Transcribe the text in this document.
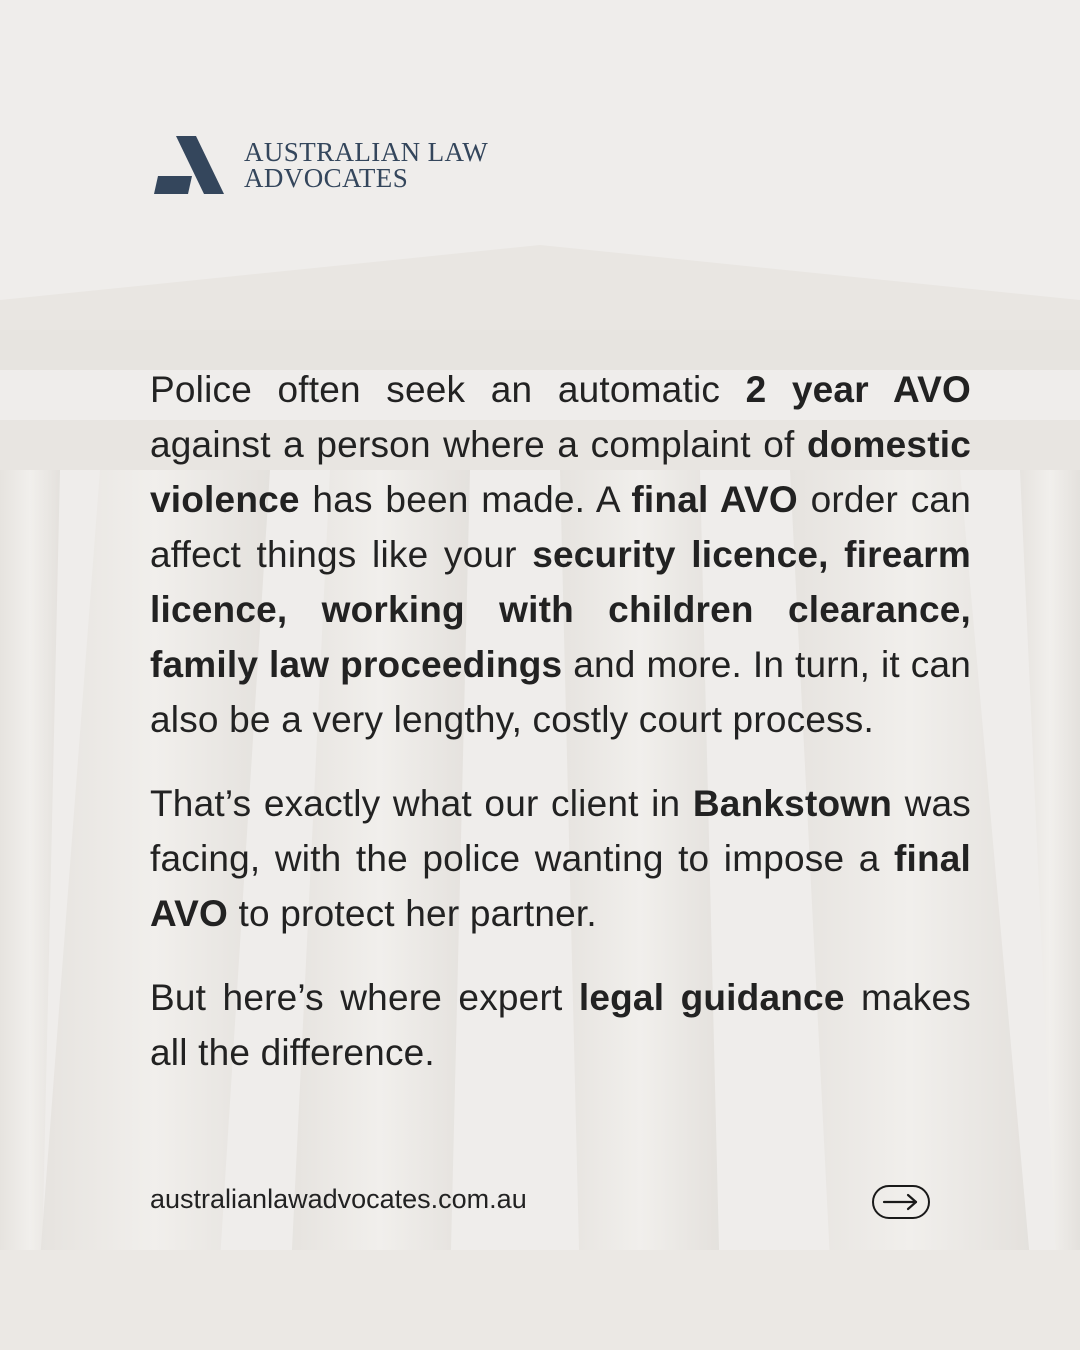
AUSTRALIAN LAW
ADVOCATES

Police often seek an automatic 2 year AVO against a person where a complaint of domestic violence has been made. A final AVO order can affect things like your security licence, firearm licence, working with children clearance, family law proceedings and more. In turn, it can also be a very lengthy, costly court process.

That’s exactly what our client in Bankstown was facing, with the police wanting to impose a final AVO to protect her partner.

But here’s where expert legal guidance makes all the difference.

australianlawadvocates.com.au
